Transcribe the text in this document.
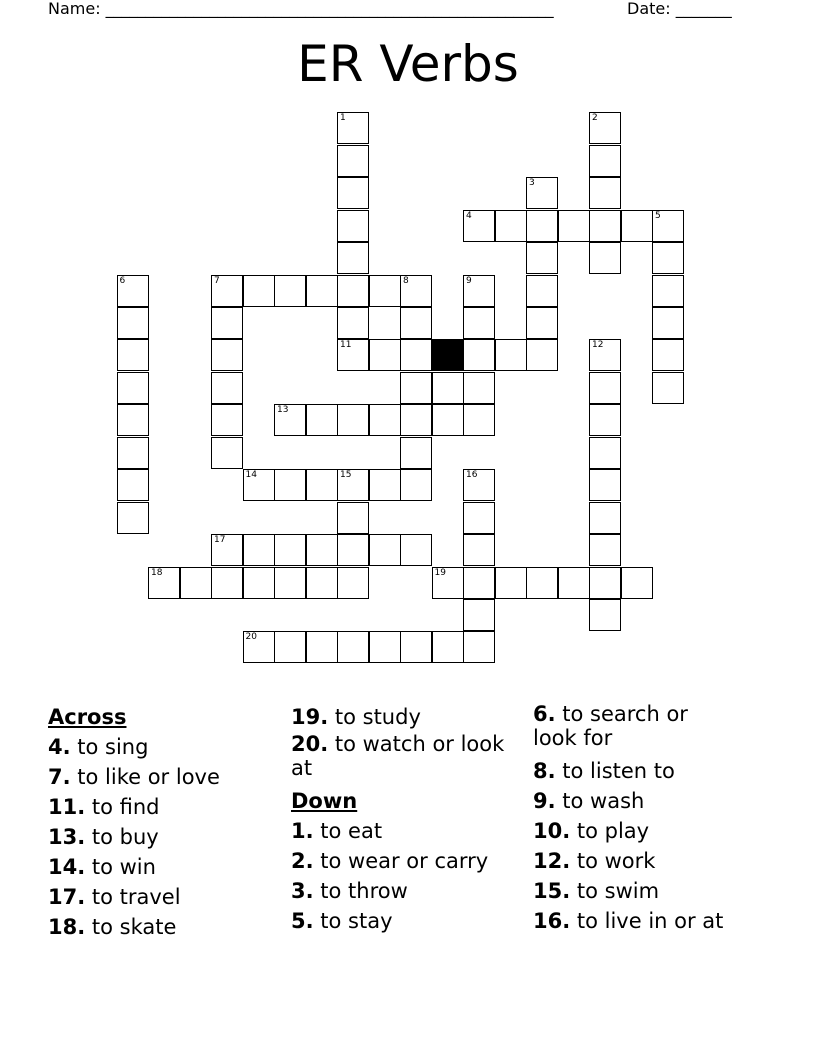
Name: ________________________________________________________	Date: _______
ER Verbs
1
11
2
3
4	5
6	7	8	9
12
13
14	15	16
17
18	19
20
Across
4. to sing
7. to like or love
11. to find
13. to buy
14. to win
17. to travel
18. to skate
19. to study
20. to watch or look at
Down
1. to eat
2. to wear or carry
3. to throw
5. to stay
6. to search or look for
8. to listen to
9. to wash
10. to play
12. to work
15. to swim
16. to live in or at
